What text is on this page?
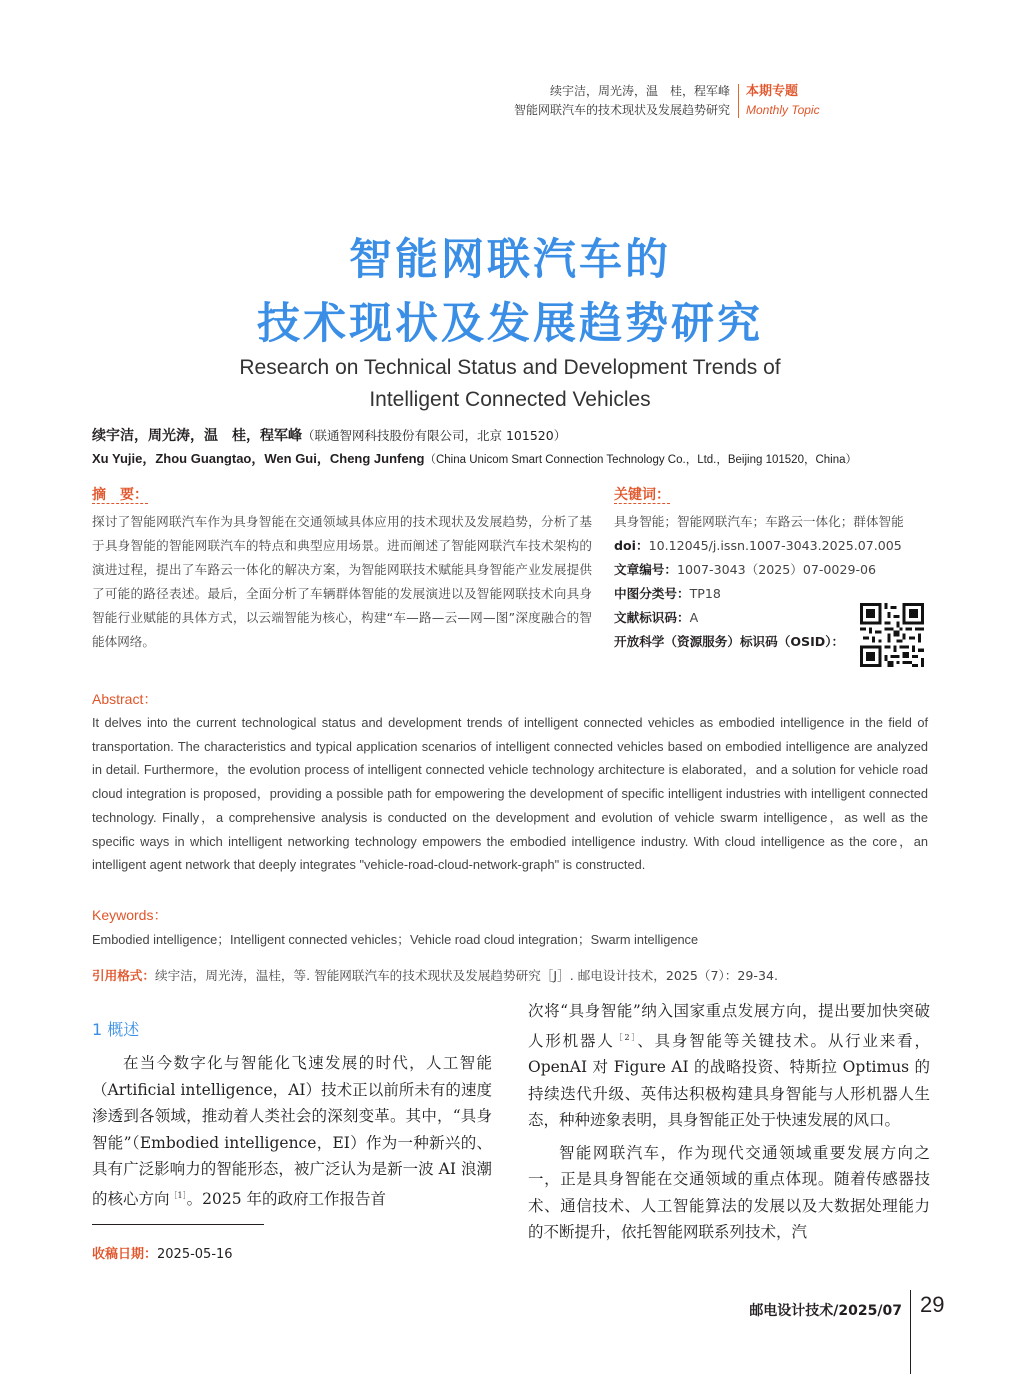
续宇洁，周光涛，温　桂，程军峰
智能网联汽车的技术现状及发展趋势研究
本期专题
Monthly Topic
智能网联汽车的
技术现状及发展趋势研究
Research on Technical Status and Development Trends of
Intelligent Connected Vehicles
续宇洁，周光涛，温　桂，程军峰（联通智网科技股份有限公司，北京 101520）
Xu Yujie，Zhou Guangtao，Wen Gui，Cheng Junfeng（China Unicom Smart Connection Technology Co.，Ltd.，Beijing 101520，China）
摘　要：
探讨了智能网联汽车作为具身智能在交通领域具体应用的技术现状及发展趋势，分析了基于具身智能的智能网联汽车的特点和典型应用场景。进而阐述了智能网联汽车技术架构的演进过程，提出了车路云一体化的解决方案，为智能网联技术赋能具身智能产业发展提供了可能的路径表述。最后，全面分析了车辆群体智能的发展演进以及智能网联技术向具身智能行业赋能的具体方式，以云端智能为核心，构建“车—路—云—网—图”深度融合的智能体网络。
关键词：
具身智能；智能网联汽车；车路云一体化；群体智能
doi：10.12045/j.issn.1007-3043.2025.07.005
文章编号：1007-3043（2025）07-0029-06
中图分类号：TP18
文献标识码：A
开放科学（资源服务）标识码（OSID）：
Abstract：
It delves into the current technological status and development trends of intelligent connected vehicles as embodied intelligence in the field of transportation. The characteristics and typical application scenarios of intelligent connected vehicles based on embodied intelligence are analyzed in detail. Furthermore，the evolution process of intelligent connected vehicle technology architecture is elaborated，and a solution for vehicle road cloud integration is proposed，providing a possible path for empowering the development of specific intelligent industries with intelligent connected technology. Finally，a comprehensive analysis is conducted on the development and evolution of vehicle swarm intelligence，as well as the specific ways in which intelligent networking technology empowers the embodied intelligence industry. With cloud intelligence as the core，an intelligent agent network that deeply integrates "vehicle-road-cloud-network-graph" is constructed.
Keywords：
Embodied intelligence；Intelligent connected vehicles；Vehicle road cloud integration；Swarm intelligence
引用格式：续宇洁，周光涛，温桂，等. 智能网联汽车的技术现状及发展趋势研究［J］. 邮电设计技术，2025（7）：29-34.
1 概述

在当今数字化与智能化飞速发展的时代，人工智能（Artificial intelligence，AI）技术正以前所未有的速度渗透到各领域，推动着人类社会的深刻变革。其中，“具身智能”（Embodied intelligence，EI）作为一种新兴的、具有广泛影响力的智能形态，被广泛认为是新一波 AI 浪潮的核心方向$^{[1]}$。2025 年的政府工作报告首

次将“具身智能”纳入国家重点发展方向，提出要加快突破人形机器人$^{[2]}$、具身智能等关键技术。从行业来看，OpenAI 对 Figure AI 的战略投资、特斯拉 Optimus 的持续迭代升级、英伟达积极构建具身智能与人形机器人生态，种种迹象表明，具身智能正处于快速发展的风口。

智能网联汽车，作为现代交通领域重要发展方向之一，正是具身智能在交通领域的重点体现。随着传感器技术、通信技术、人工智能算法的发展以及大数据处理能力的不断提升，依托智能网联系列技术，汽

收稿日期：2025-05-16
邮电设计技术/2025/07 29
